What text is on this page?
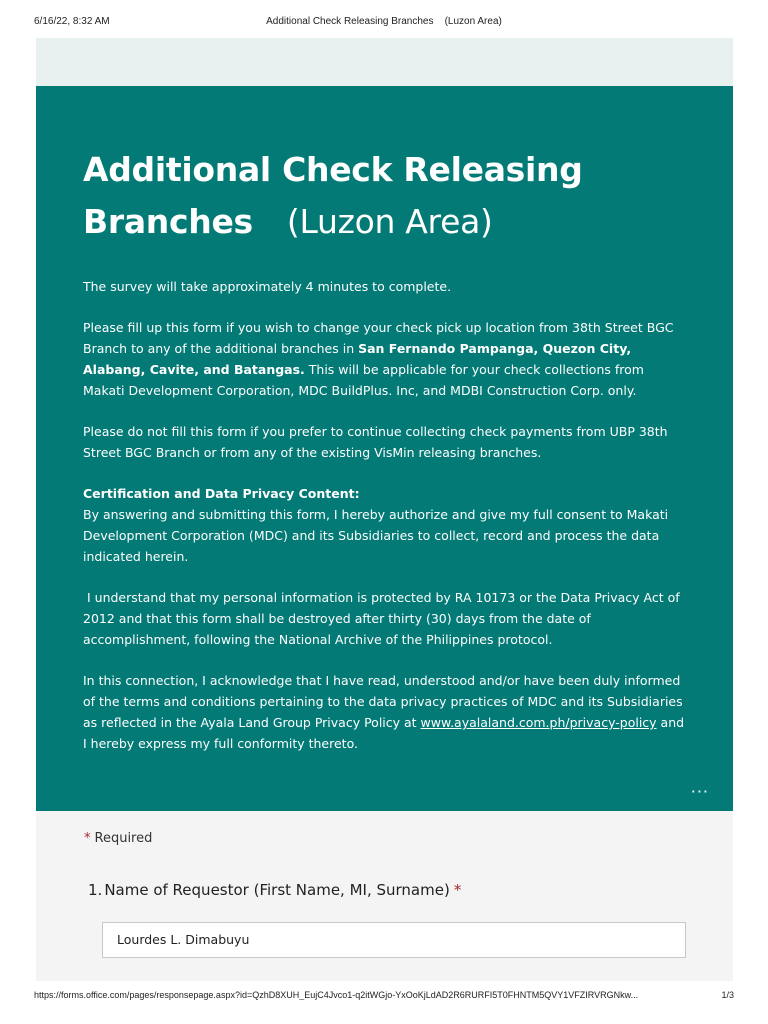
6/16/22, 8:32 AM	Additional Check Releasing Branches    (Luzon Area)
Additional Check Releasing
Branches (Luzon Area)

The survey will take approximately 4 minutes to complete.

Please fill up this form if you wish to change your check pick up location from 38th Street BGC Branch to any of the additional branches in San Fernando Pampanga, Quezon City, Alabang, Cavite, and Batangas. This will be applicable for your check collections from Makati Development Corporation, MDC BuildPlus. Inc, and MDBI Construction Corp. only.

Please do not fill this form if you prefer to continue collecting check payments from UBP 38th Street BGC Branch or from any of the existing VisMin releasing branches.

Certification and Data Privacy Content:
By answering and submitting this form, I hereby authorize and give my full consent to Makati Development Corporation (MDC) and its Subsidiaries to collect, record and process the data indicated herein.

I understand that my personal information is protected by RA 10173 or the Data Privacy Act of 2012 and that this form shall be destroyed after thirty (30) days from the date of accomplishment, following the National Archive of the Philippines protocol.

In this connection, I acknowledge that I have read, understood and/or have been duly informed of the terms and conditions pertaining to the data privacy practices of MDC and its Subsidiaries as reflected in the Ayala Land Group Privacy Policy at www.ayalaland.com.ph/privacy-policy and I hereby express my full conformity thereto.

···
* Required
1. Name of Requestor (First Name, MI, Surname) *
Lourdes L. Dimabuyu
https://forms.office.com/pages/responsepage.aspx?id=QzhD8XUH_EujC4Jvco1-q2itWGjo-YxOoKjLdAD2R6RURFI5T0FHNTM5QVY1VFZIRVRGNkw...	1/3
